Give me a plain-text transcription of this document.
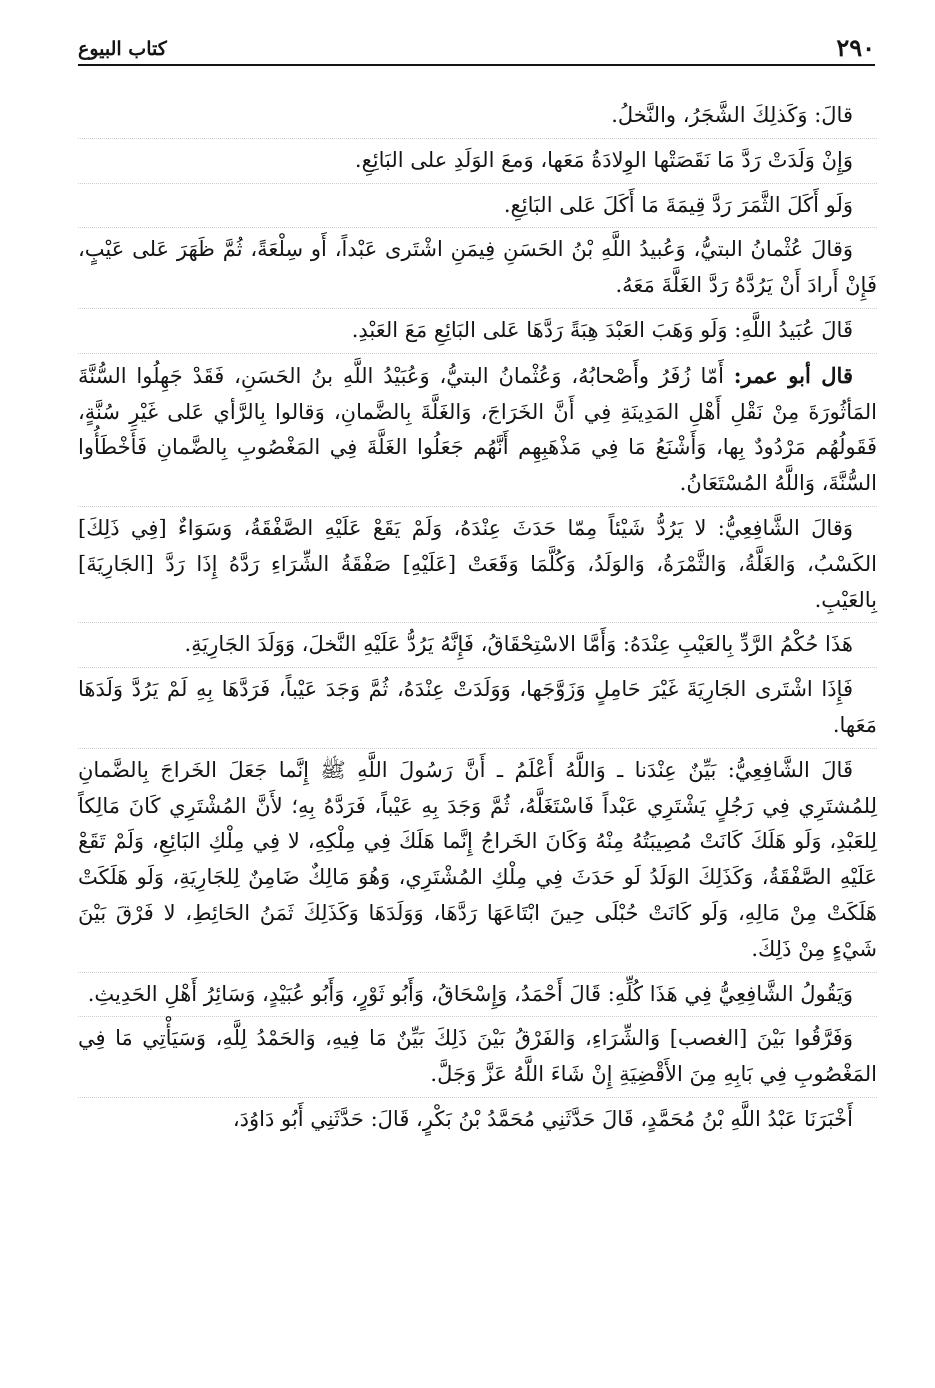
٢٩٠
كتاب البيوع

قالَ: وَكَذلِكَ الشَّجَرُ، والنَّخلُ.

وَإِنْ وَلَدَتْ رَدَّ مَا نَقَصَتْها الوِلادَةُ مَعَها، وَمعَ الوَلَدِ على البَائِعِ.

وَلَو أَكَلَ الثَّمَرَ رَدَّ قِيمَةَ مَا أَكَلَ عَلى البَائِعِ.

وَقالَ عُثْمانُ البتيُّ، وَعُبيدُ اللَّهِ بْنُ الحَسَنِ فِيمَنِ اشْتَرى عَبْداً، أَو سِلْعَةً، ثُمَّ ظَهَرَ عَلى عَيْبٍ، فَإِنْ أَرادَ أَنْ يَرُدَّهُ رَدَّ الغَلَّةَ مَعَهُ.

قَالَ عُبَيدُ اللَّهِ: وَلَو وَهَبَ العَبْدَ هِبَةً رَدَّهَا عَلى البَائِعِ مَعَ العَبْدِ.

قال أبو عمر: أَمّا زُفَرُ وأَصْحابُهُ، وَعُثْمانُ البتيُّ، وَعُبَيْدُ اللَّهِ بنُ الحَسَنِ، فَقَدْ جَهِلُوا السُّنَّةَ المَأثُورَةَ مِنْ نَقْلِ أَهْلِ المَدِينَةِ فِي أَنَّ الخَرَاجَ، وَالغَلَّةَ بِالضَّمانِ، وَقالوا بِالرَّأي عَلى غَيْرِ سُنَّةٍ، فَقَولُهُم مَرْدُودٌ بِها، وَأَشْنَعُ مَا فِي مَذْهَبِهِم أَنَّهُم جَعَلُوا الغَلَّةَ فِي المَغْصُوبِ بِالضَّمانِ فَأَخْطَأُوا السُّنَّةَ، وَاللَّهُ المُسْتَعَانُ.

وَقالَ الشَّافِعِيُّ: لا يَرُدُّ شَيْئاً مِمّا حَدَثَ عِنْدَهُ، وَلَمْ يَقَعْ عَلَيْهِ الصَّفْقَةُ، وَسَوَاءٌ [فِي ذَلِكَ] الكَسْبُ، وَالغَلَّةُ، وَالثَّمْرَةُ، وَالوَلَدُ، وَكُلَّمَا وَقَعَتْ [عَلَيْهِ] صَفْقَةُ الشِّرَاءِ رَدَّهُ إِذَا رَدَّ [الجَارِيَةَ] بِالعَيْبِ.

هَذَا حُكْمُ الرَّدِّ بِالعَيْبِ عِنْدَهُ: وَأَمَّا الاسْتِحْقَاقُ، فَإِنَّهُ يَرُدُّ عَلَيْهِ النَّخلَ، وَوَلَدَ الجَارِيَةِ.

فَإِذَا اشْتَرى الجَارِيَةَ غَيْرَ حَامِلٍ وَزَوَّجَها، وَوَلَدَتْ عِنْدَهُ، ثُمَّ وَجَدَ عَيْباً، فَرَدَّهَا بِهِ لَمْ يَرُدَّ وَلَدَهَا مَعَها.

قَالَ الشَّافِعِيُّ: بَيِّنٌ عِنْدَنا ـ وَاللَّهُ أَعْلَمُ ـ أَنَّ رَسُولَ اللَّهِ ﷺ إِنَّما جَعَلَ الخَراجَ بِالضَّمانِ لِلمُشتَرِي فِي رَجُلٍ يَشْتَرِي عَبْداً فَاسْتَغَلَّهُ، ثُمَّ وَجَدَ بِهِ عَيْباً، فَرَدَّهُ بِهِ؛ لأَنَّ المُشْتَرِي كَانَ مَالِكاً لِلعَبْدِ، وَلَو هَلَكَ كَانَتْ مُصِيبَتُهُ مِنْهُ وَكَانَ الخَراجُ إِنَّما هَلَكَ فِي مِلْكِهِ، لا فِي مِلْكِ البَائِعِ، وَلَمْ تَقَعْ عَلَيْهِ الصَّفْقَةُ، وَكَذَلِكَ الوَلَدُ لَو حَدَثَ فِي مِلْكِ المُشْتَرِي، وَهُوَ مَالِكٌ ضَامِنٌ لِلجَارِيَةِ، وَلَو هَلَكَتْ هَلَكَتْ مِنْ مَالِهِ، وَلَو كَانَتْ حُبْلَى حِينَ ابْتَاعَهَا رَدَّهَا، وَوَلَدَهَا وَكَذَلِكَ ثَمَنُ الحَائِطِ، لا فَرْقَ بَيْنَ شَيْءٍ مِنْ ذَلِكَ.

وَيَقُولُ الشَّافِعِيُّ فِي هَذَا كُلِّهِ: قَالَ أَحْمَدُ، وَإِسْحَاقُ، وَأَبُو ثَوْرٍ، وَأَبُو عُبَيْدٍ، وَسَائِرُ أَهْلِ الحَدِيثِ.

وَفَرَّقُوا بَيْنَ [الغصب] وَالشِّرَاءِ، وَالفَرْقُ بَيْنَ ذَلِكَ بَيِّنٌ مَا فِيهِ، وَالحَمْدُ لِلَّهِ، وَسَيَأْتِي مَا فِي المَغْصُوبِ فِي بَابِهِ مِنَ الأَقْضِيَةِ إِنْ شَاءَ اللَّهُ عَزَّ وَجَلَّ.

أَخْبَرَنَا عَبْدُ اللَّهِ بْنُ مُحَمَّدٍ، قَالَ حَدَّثَنِي مُحَمَّدُ بْنُ بَكْرٍ، قَالَ: حَدَّثَنِي أَبُو دَاوُدَ،
